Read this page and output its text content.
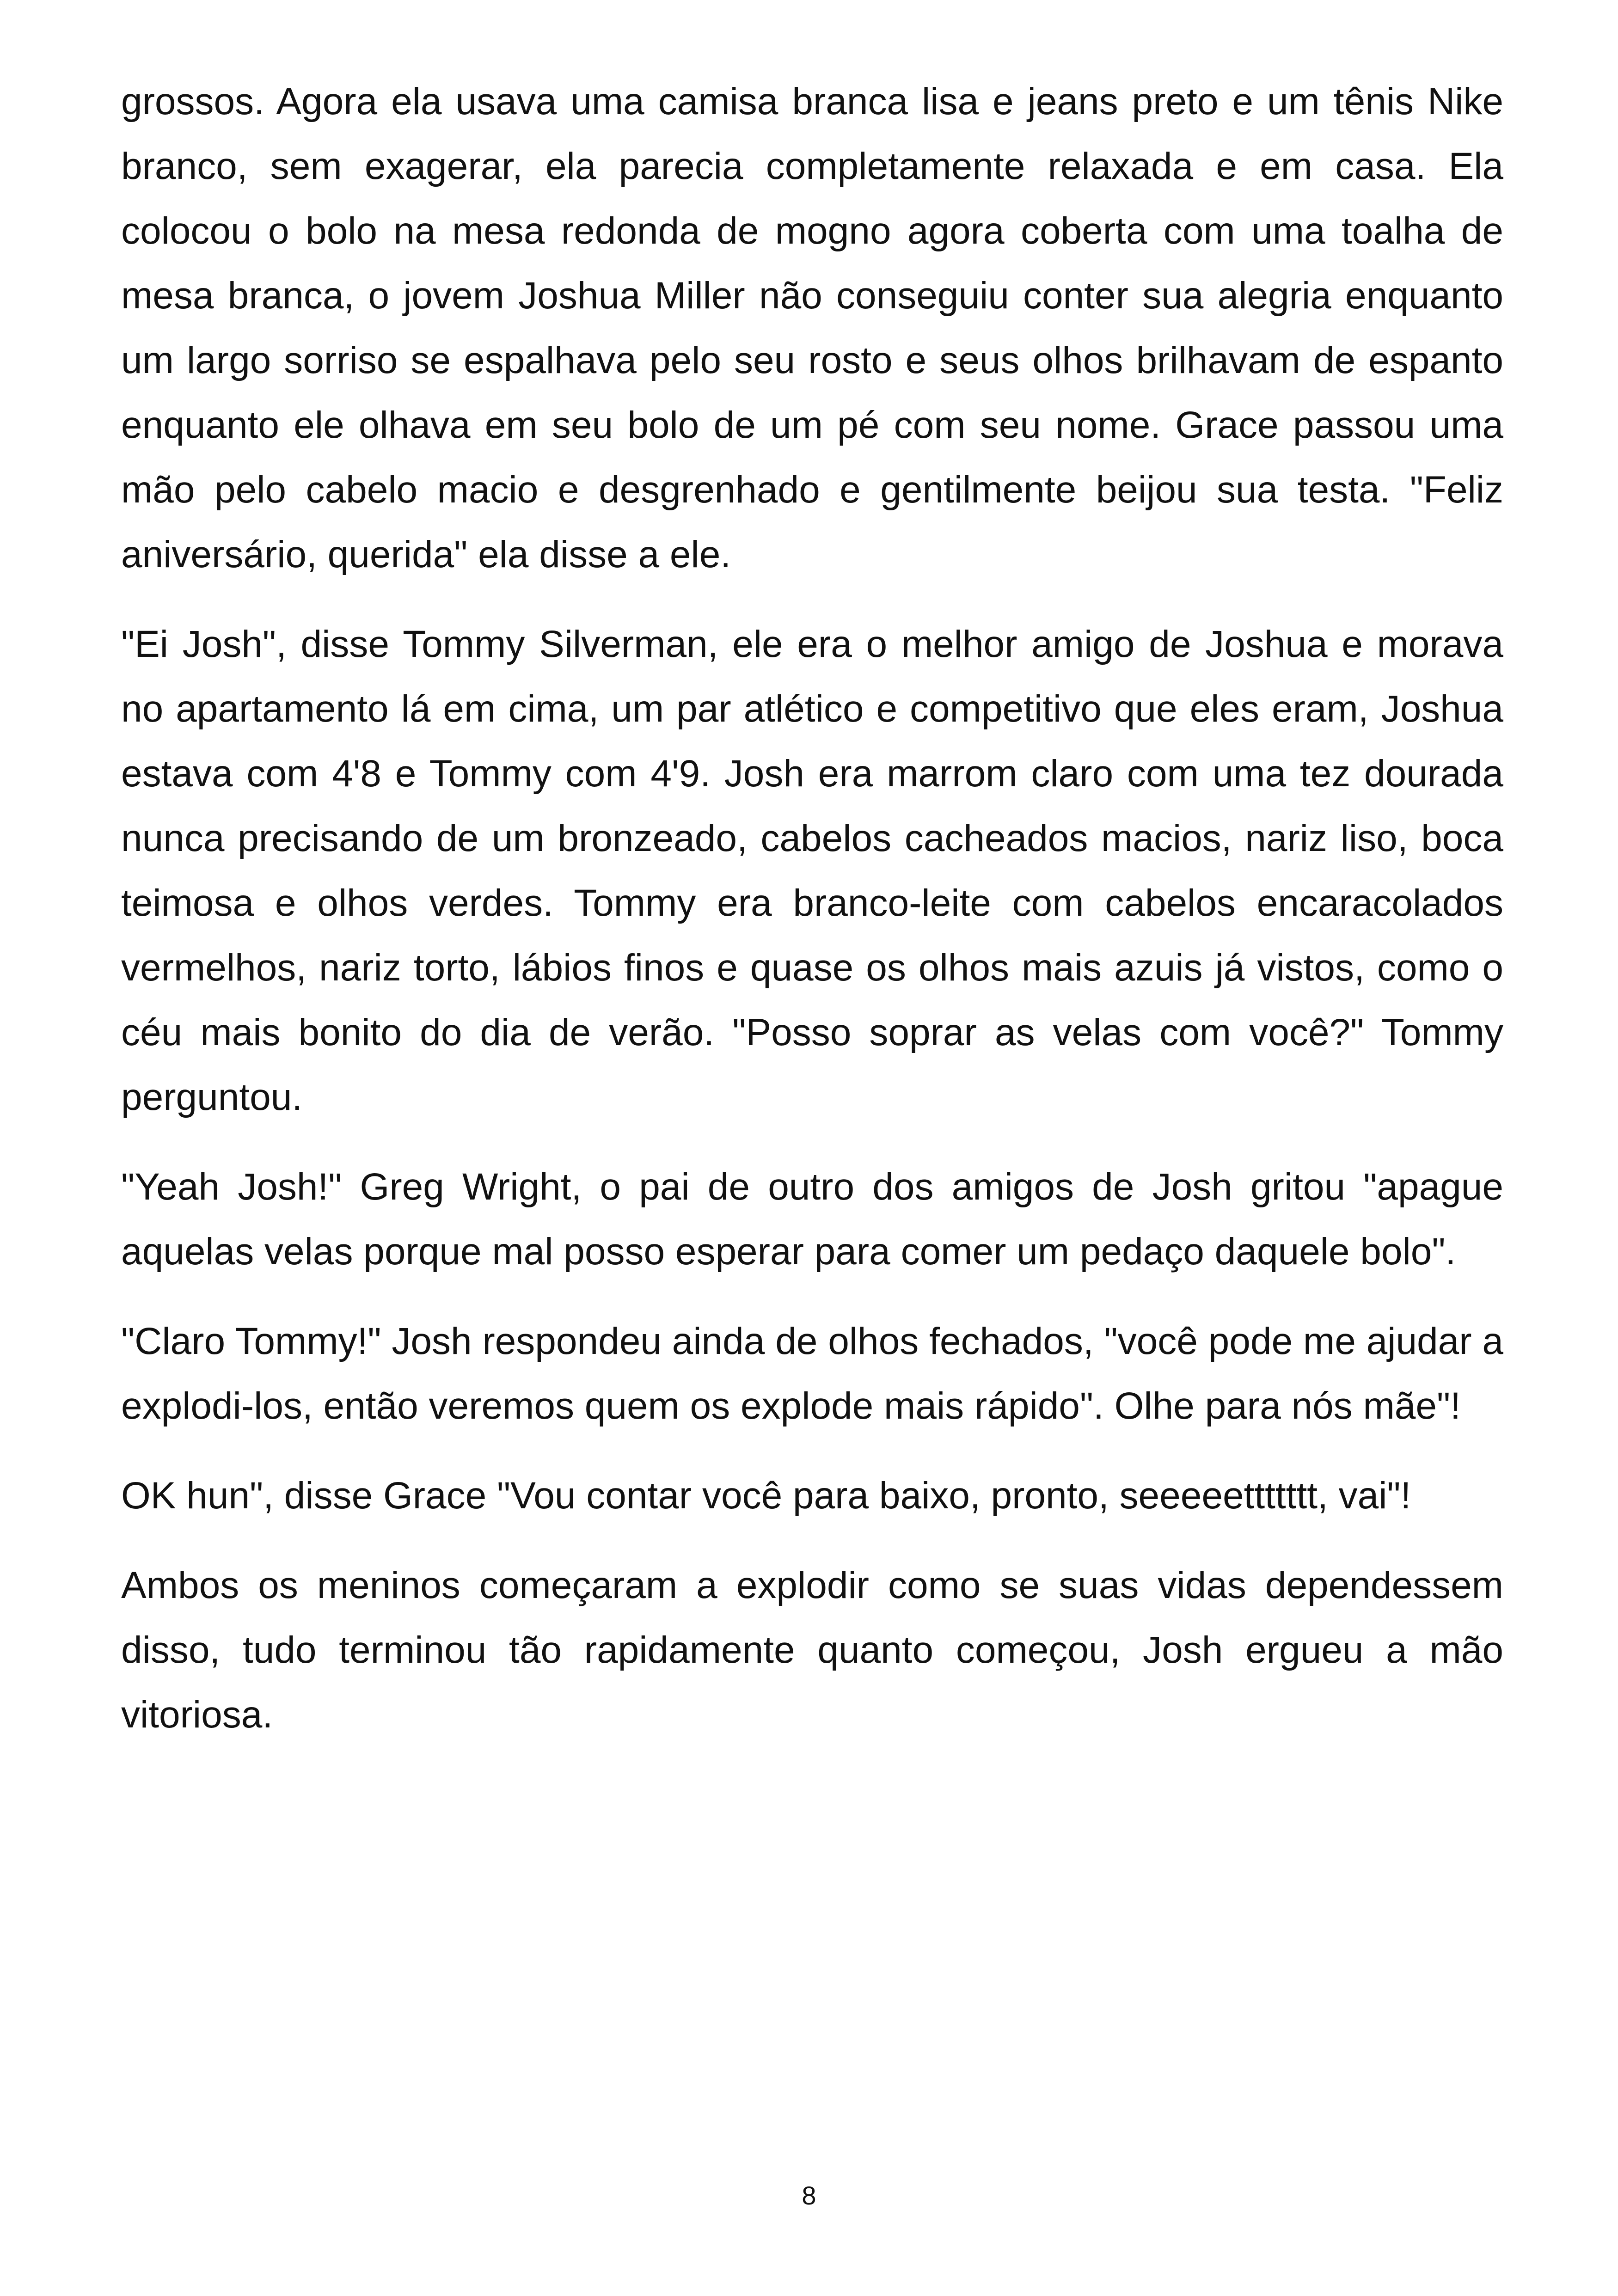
grossos. Agora ela usava uma camisa branca lisa e jeans preto e um tênis Nike branco, sem exagerar, ela parecia completamente relaxada e em casa. Ela colocou o bolo na mesa redonda de mogno agora coberta com uma toalha de mesa branca, o jovem Joshua Miller não conseguiu conter sua alegria enquanto um largo sorriso se espalhava pelo seu rosto e seus olhos brilhavam de espanto enquanto ele olhava em seu bolo de um pé com seu nome. Grace passou uma mão pelo cabelo macio e desgrenhado e gentilmente beijou sua testa. "Feliz aniversário, querida" ela disse a ele.

"Ei Josh", disse Tommy Silverman, ele era o melhor amigo de Joshua e morava no apartamento lá em cima, um par atlético e competitivo que eles eram, Joshua estava com 4'8 e Tommy com 4'9. Josh era marrom claro com uma tez dourada nunca precisando de um bronzeado, cabelos cacheados macios, nariz liso, boca teimosa e olhos verdes. Tommy era branco-leite com cabelos encaracolados vermelhos, nariz torto, lábios finos e quase os olhos mais azuis já vistos, como o céu mais bonito do dia de verão. "Posso soprar as velas com você?" Tommy perguntou.

"Yeah Josh!" Greg Wright, o pai de outro dos amigos de Josh gritou "apague aquelas velas porque mal posso esperar para comer um pedaço daquele bolo".

"Claro Tommy!" Josh respondeu ainda de olhos fechados, "você pode me ajudar a explodi-los, então veremos quem os explode mais rápido". Olhe para nós mãe"!

OK hun", disse Grace "Vou contar você para baixo, pronto, seeeeettttttt, vai"!

Ambos os meninos começaram a explodir como se suas vidas dependessem disso, tudo terminou tão rapidamente quanto começou, Josh ergueu a mão vitoriosa.

8
